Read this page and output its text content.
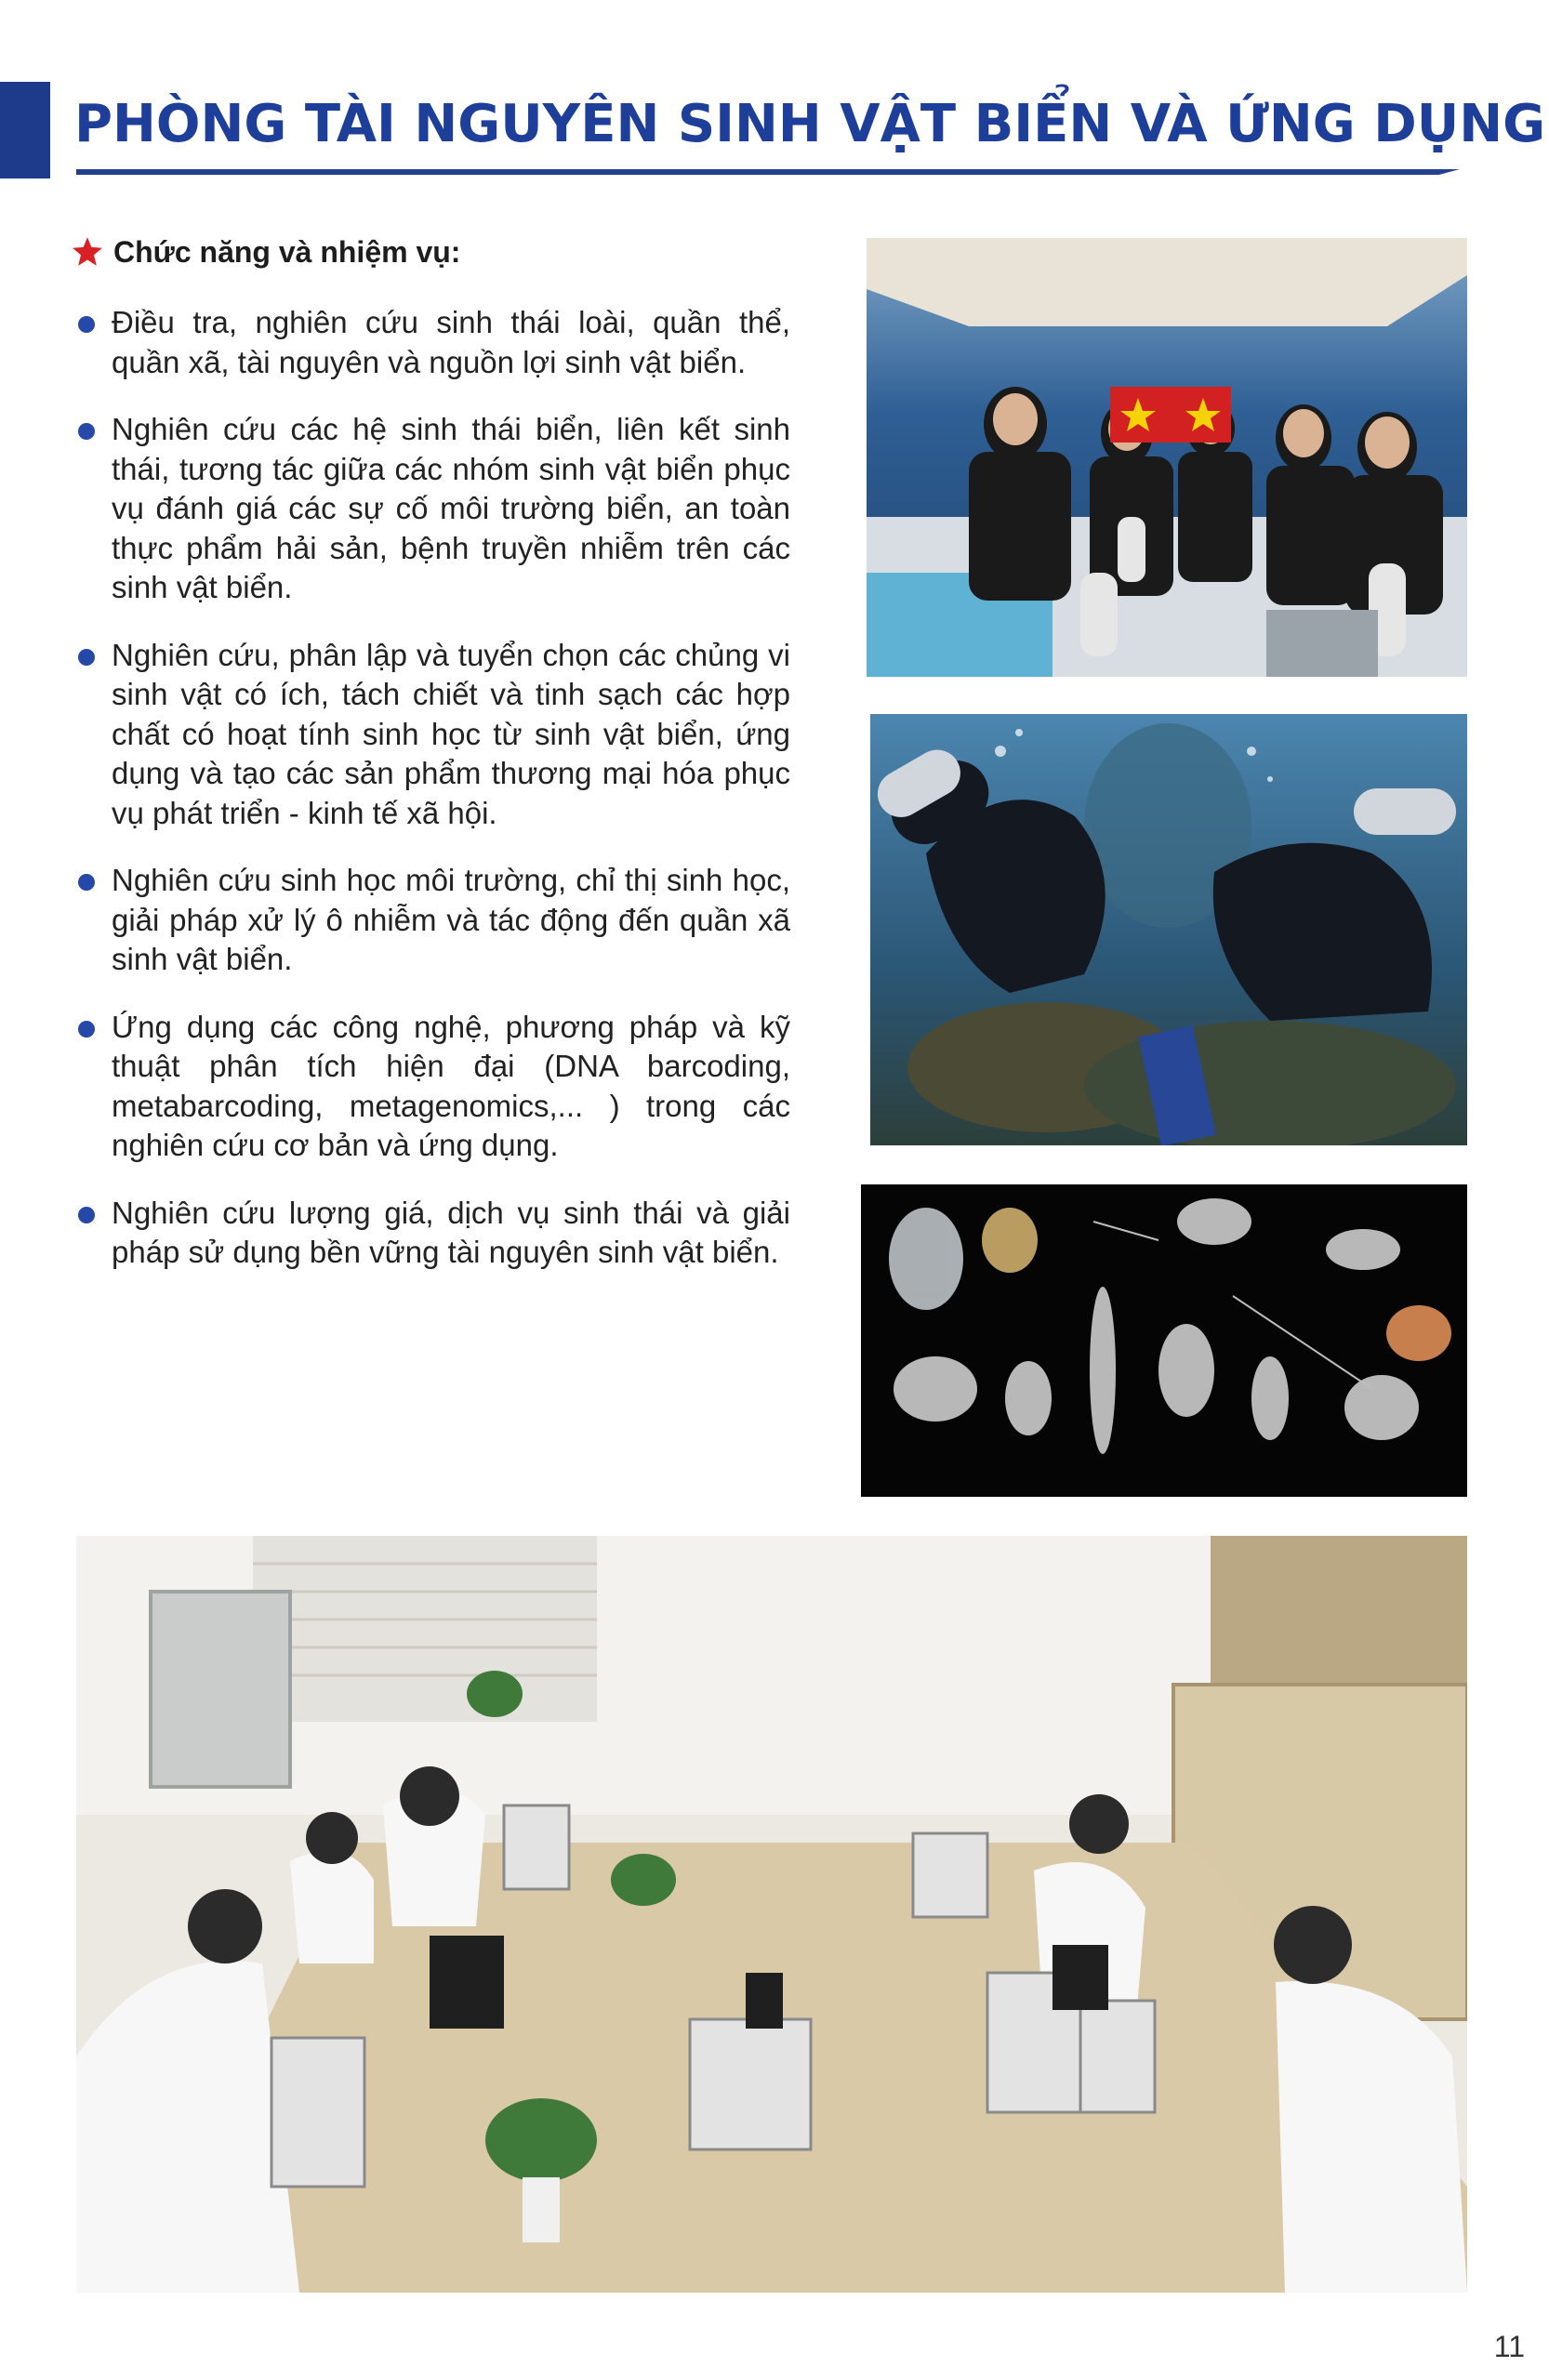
PHÒNG TÀI NGUYÊN SINH VẬT BIỂN VÀ ỨNG DỤNG
Chức năng và nhiệm vụ:
Điều tra, nghiên cứu sinh thái loài, quần thể, quần xã, tài nguyên và nguồn lợi sinh vật biển.
Nghiên cứu các hệ sinh thái biển, liên kết sinh thái, tương tác giữa các nhóm sinh vật biển phục vụ đánh giá các sự cố môi trường biển, an toàn thực phẩm hải sản, bệnh truyền nhiễm trên các sinh vật biển.
Nghiên cứu, phân lập và tuyển chọn các chủng vi sinh vật có ích, tách chiết và tinh sạch các hợp chất có hoạt tính sinh học từ sinh vật biển, ứng dụng và tạo các sản phẩm thương mại hóa phục vụ phát triển - kinh tế xã hội.
Nghiên cứu sinh học môi trường, chỉ thị sinh học, giải pháp xử lý ô nhiễm và tác động đến quần xã sinh vật biển.
Ứng dụng các công nghệ, phương pháp và kỹ thuật phân tích hiện đại (DNA barcoding, metabarcoding, metagenomics,... ) trong các nghiên cứu cơ bản và ứng dụng.
Nghiên cứu lượng giá, dịch vụ sinh thái và giải pháp sử dụng bền vững tài nguyên sinh vật biển.
11
